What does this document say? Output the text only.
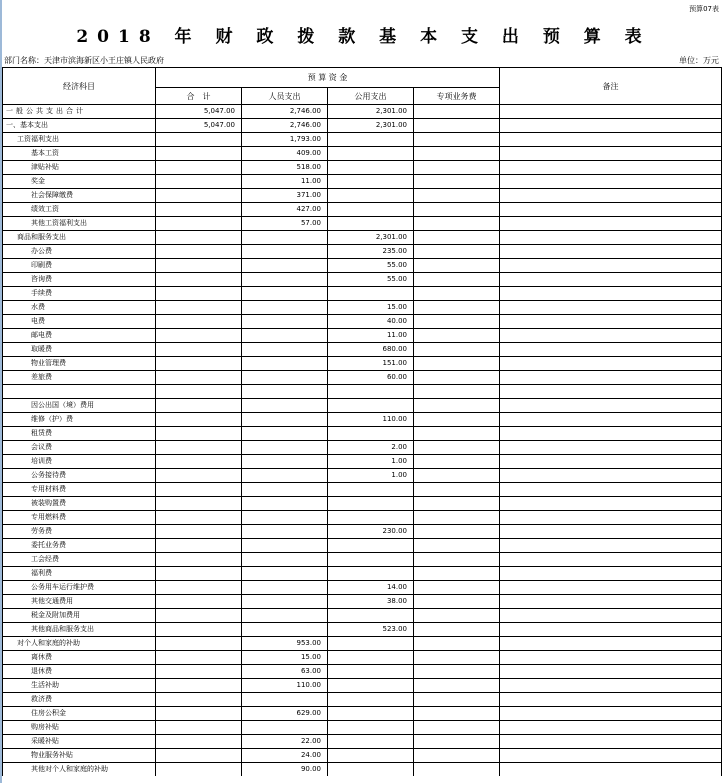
预算07表
2018 年 财 政 拨 款 基 本 支 出 预 算 表
部门名称：天津市滨海新区小王庄镇人民政府	单位：万元
经济科目	预 算 资 金				备注
	合　计	人员支出	公用支出	专项业务费	
一般公共支出合计	5,047.00	2,746.00	2,301.00		
一、基本支出	5,047.00	2,746.00	2,301.00		
工资福利支出		1,793.00			
基本工资		409.00			
津贴补贴		518.00			
奖金		11.00			
社会保障缴费		371.00			
绩效工资		427.00			
其他工资福利支出		57.00			
商品和服务支出			2,301.00		
办公费			235.00		
印刷费			55.00		
咨询费			55.00		
手续费					
水费			15.00		
电费			40.00		
邮电费			11.00		
取暖费			680.00		
物业管理费			151.00		
差旅费			60.00		

因公出国（境）费用					
维修（护）费			110.00		
租赁费					
会议费			2.00		
培训费			1.00		
公务接待费			1.00		
专用材料费					
被装购置费					
专用燃料费					
劳务费			230.00		
委托业务费					
工会经费					
福利费					
公务用车运行维护费			14.00		
其他交通费用			38.00		
税金及附加费用					
其他商品和服务支出			523.00		
对个人和家庭的补助		953.00			
离休费		15.00			
退休费		63.00			
生活补助		110.00			
救济费					
住房公积金		629.00			
购房补贴					
采暖补贴		22.00			
物业服务补贴		24.00			
其他对个人和家庭的补助		90.00			
